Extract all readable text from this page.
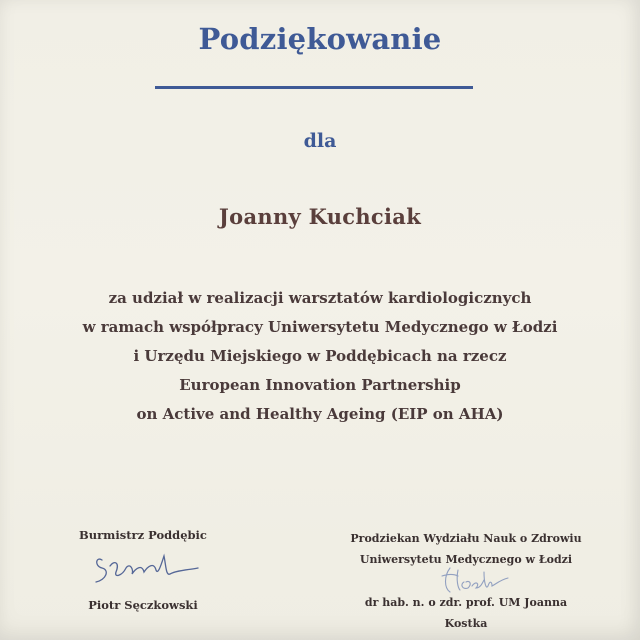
Podziękowanie
dla
Joanny Kuchciak
za udział w realizacji warsztatów kardiologicznych
w ramach współpracy Uniwersytetu Medycznego w Łodzi
i Urzędu Miejskiego w Poddębicach na rzecz
European Innovation Partnership
on Active and Healthy Ageing (EIP on AHA)
Burmistrz Poddębic
Piotr Sęczkowski
Prodziekan Wydziału Nauk o Zdrowiu
Uniwersytetu Medycznego w Łodzi
dr hab. n. o zdr. prof. UM Joanna Kostka
